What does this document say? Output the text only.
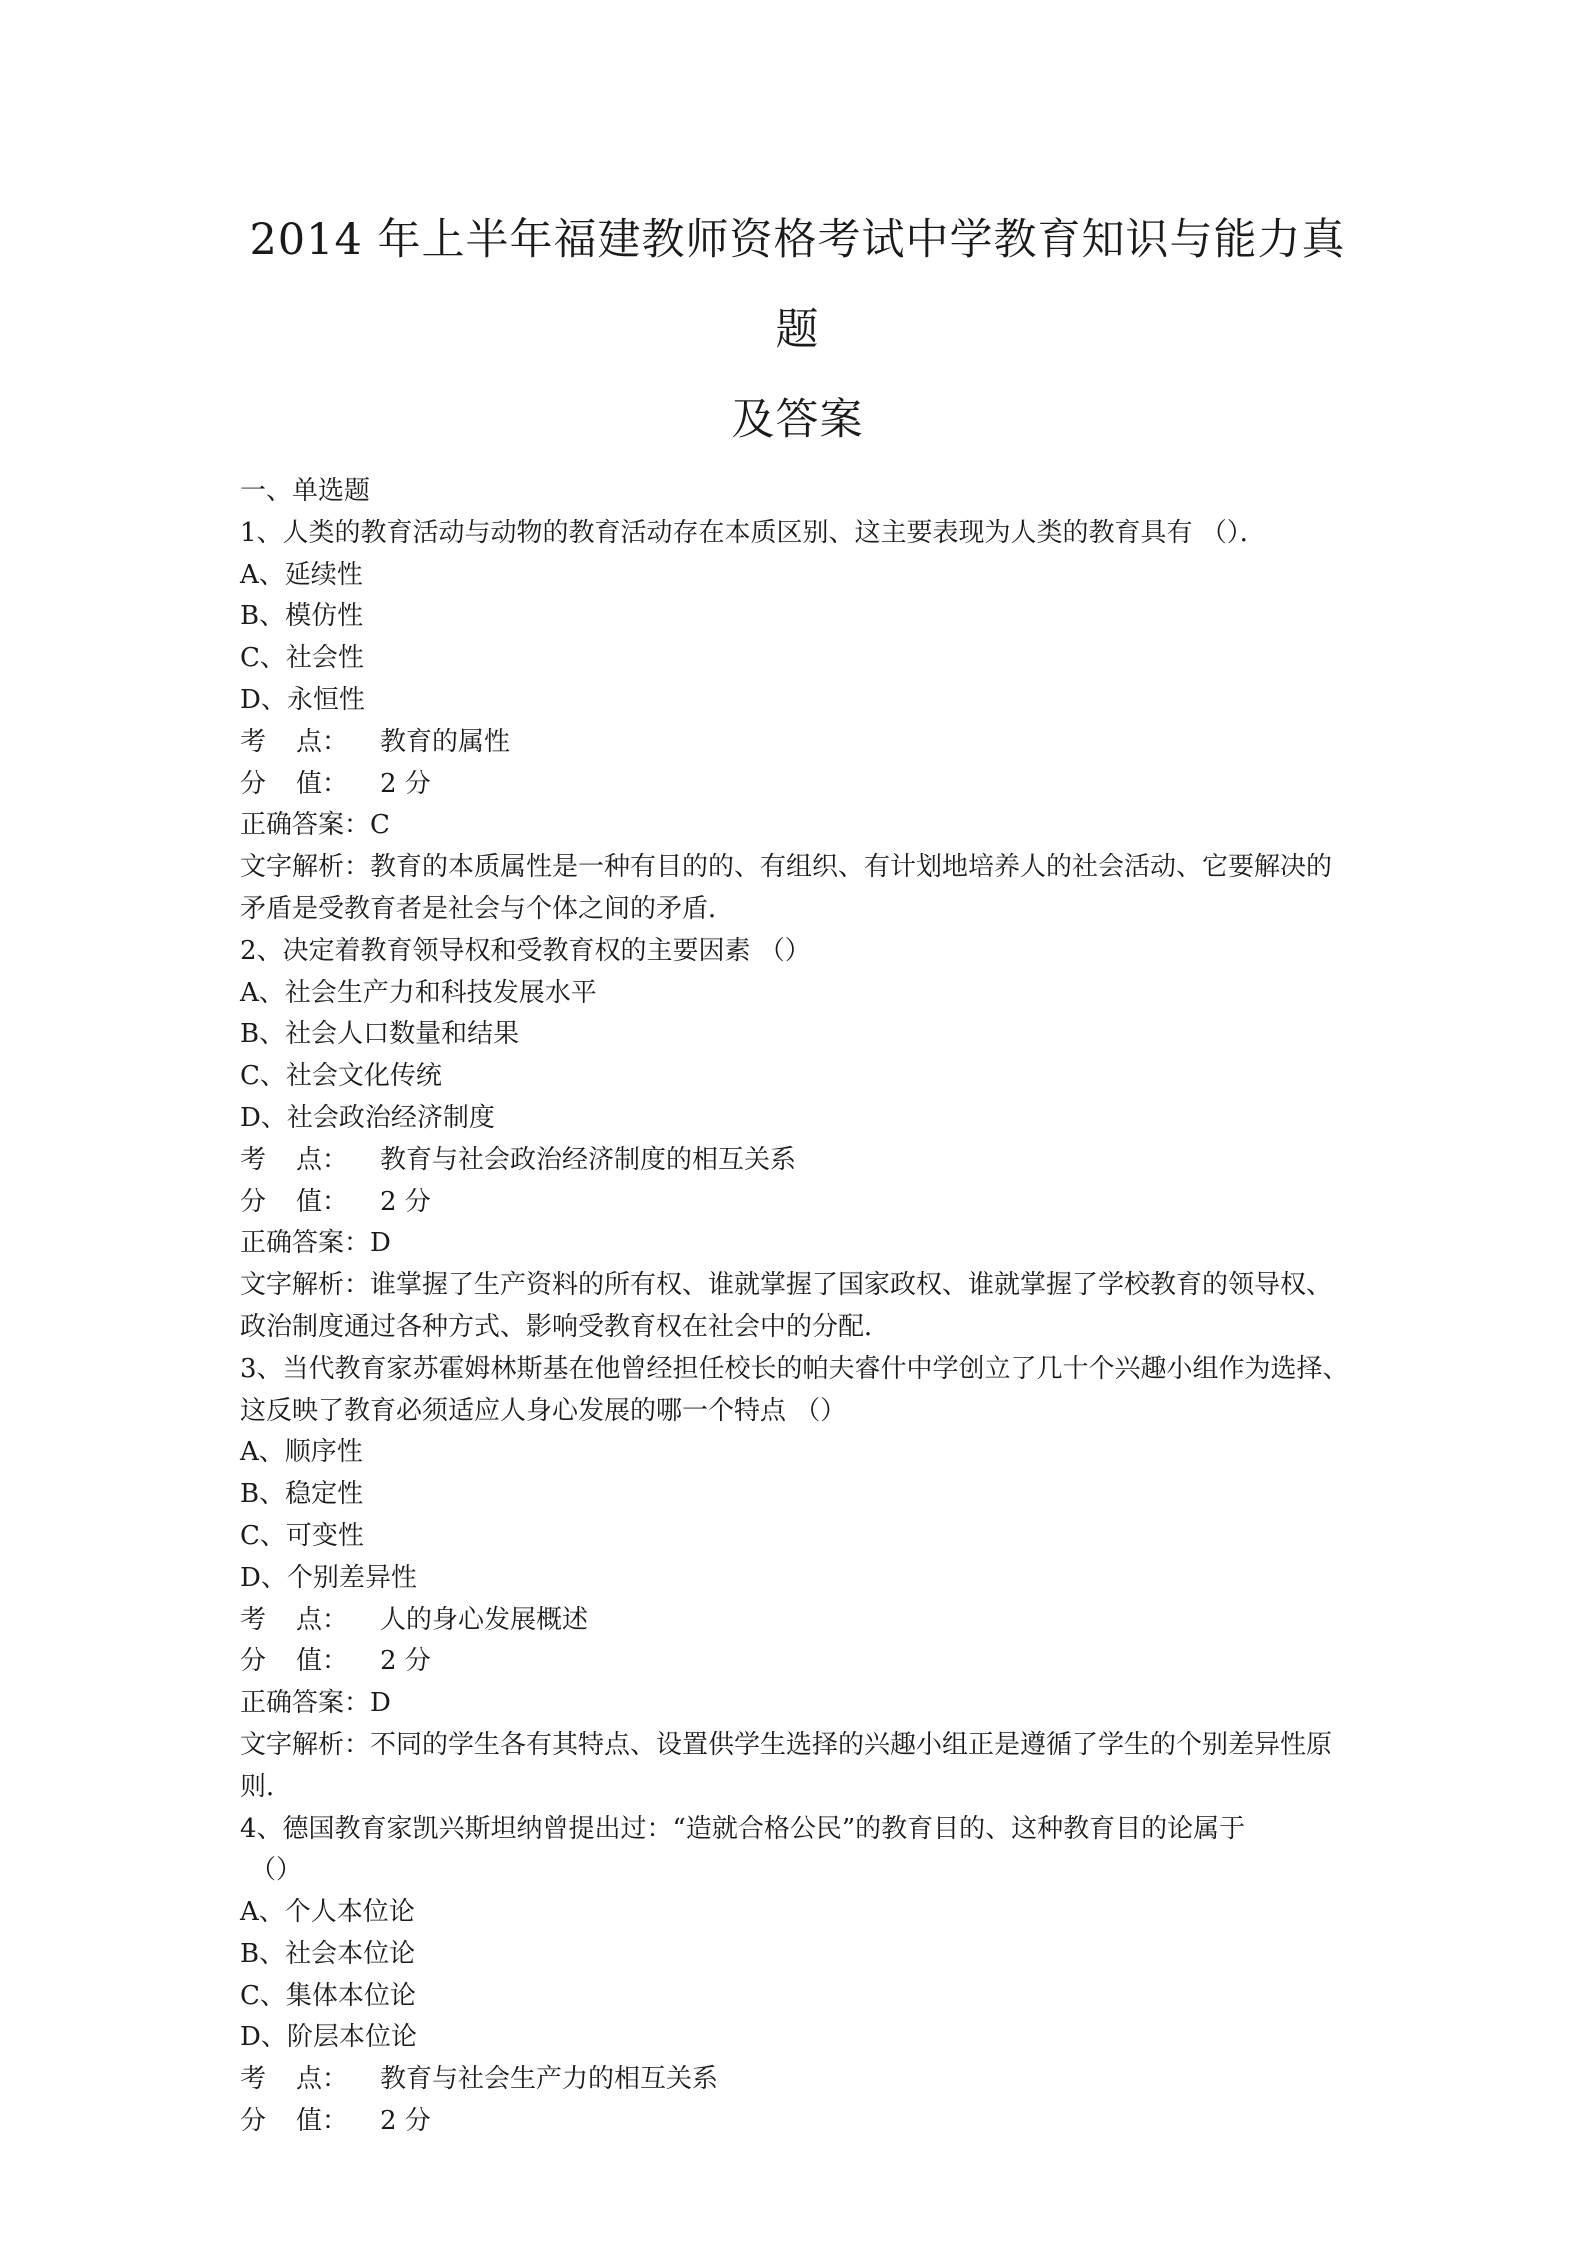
2014 年上半年福建教师资格考试中学教育知识与能力真题
及答案
一、单选题
1、人类的教育活动与动物的教育活动存在本质区别、这主要表现为人类的教育具有 （）．
A、延续性
B、模仿性
C、社会性
D、永恒性
考 点： 教育的属性
分 值： 2 分
正确答案：C
文字解析：教育的本质属性是一种有目的的、有组织、有计划地培养人的社会活动、它要解决的矛盾是受教育者是社会与个体之间的矛盾．
2、决定着教育领导权和受教育权的主要因素 （）
A、社会生产力和科技发展水平
B、社会人口数量和结果
C、社会文化传统
D、社会政治经济制度
考 点： 教育与社会政治经济制度的相互关系
分 值： 2 分
正确答案：D
文字解析：谁掌握了生产资料的所有权、谁就掌握了国家政权、谁就掌握了学校教育的领导权、政治制度通过各种方式、影响受教育权在社会中的分配．
3、当代教育家苏霍姆林斯基在他曾经担任校长的帕夫睿什中学创立了几十个兴趣小组作为选择、这反映了教育必须适应人身心发展的哪一个特点 （）
A、顺序性
B、稳定性
C、可变性
D、个别差异性
考 点： 人的身心发展概述
分 值： 2 分
正确答案：D
文字解析：不同的学生各有其特点、设置供学生选择的兴趣小组正是遵循了学生的个别差异性原则．
4、德国教育家凯兴斯坦纳曾提出过：“造就合格公民”的教育目的、这种教育目的论属于
（）
A、个人本位论
B、社会本位论
C、集体本位论
D、阶层本位论
考 点： 教育与社会生产力的相互关系
分 值： 2 分
